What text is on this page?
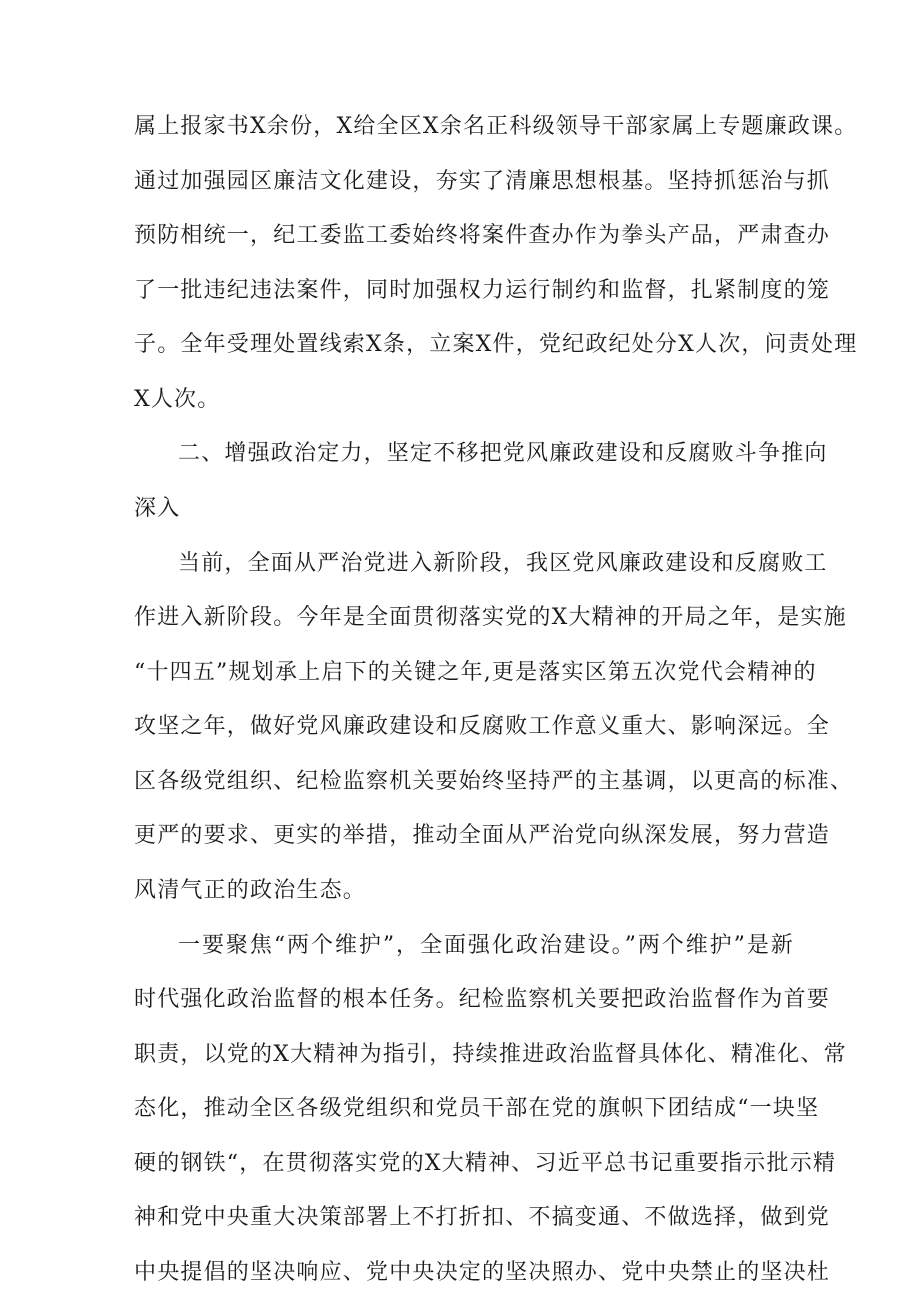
属上报家书X余份，X给全区X余名正科级领导干部家属上专题廉政课。
通过加强园区廉洁文化建设，夯实了清廉思想根基。坚持抓惩治与抓
预防相统一，纪工委监工委始终将案件查办作为拳头产品，严肃查办
了一批违纪违法案件，同时加强权力运行制约和监督，扎紧制度的笼
子。全年受理处置线索X条，立案X件，党纪政纪处分X人次，问责处理
X人次。
二、增强政治定力，坚定不移把党风廉政建设和反腐败斗争推向
深入
当前，全面从严治党进入新阶段，我区党风廉政建设和反腐败工
作进入新阶段。今年是全面贯彻落实党的X大精神的开局之年，是实施
“十四五”规划承上启下的关键之年,更是落实区第五次党代会精神的
攻坚之年，做好党风廉政建设和反腐败工作意义重大、影响深远。全
区各级党组织、纪检监察机关要始终坚持严的主基调，以更高的标准、
更严的要求、更实的举措，推动全面从严治党向纵深发展，努力营造
风清气正的政治生态。
一要聚焦“两个维护”，全面强化政治建设。”两个维护”是新
时代强化政治监督的根本任务。纪检监察机关要把政治监督作为首要
职责，以党的X大精神为指引，持续推进政治监督具体化、精准化、常
态化，推动全区各级党组织和党员干部在党的旗帜下团结成“一块坚
硬的钢铁“，在贯彻落实党的X大精神、习近平总书记重要指示批示精
神和党中央重大决策部署上不打折扣、不搞变通、不做选择，做到党
中央提倡的坚决响应、党中央决定的坚决照办、党中央禁止的坚决杜
